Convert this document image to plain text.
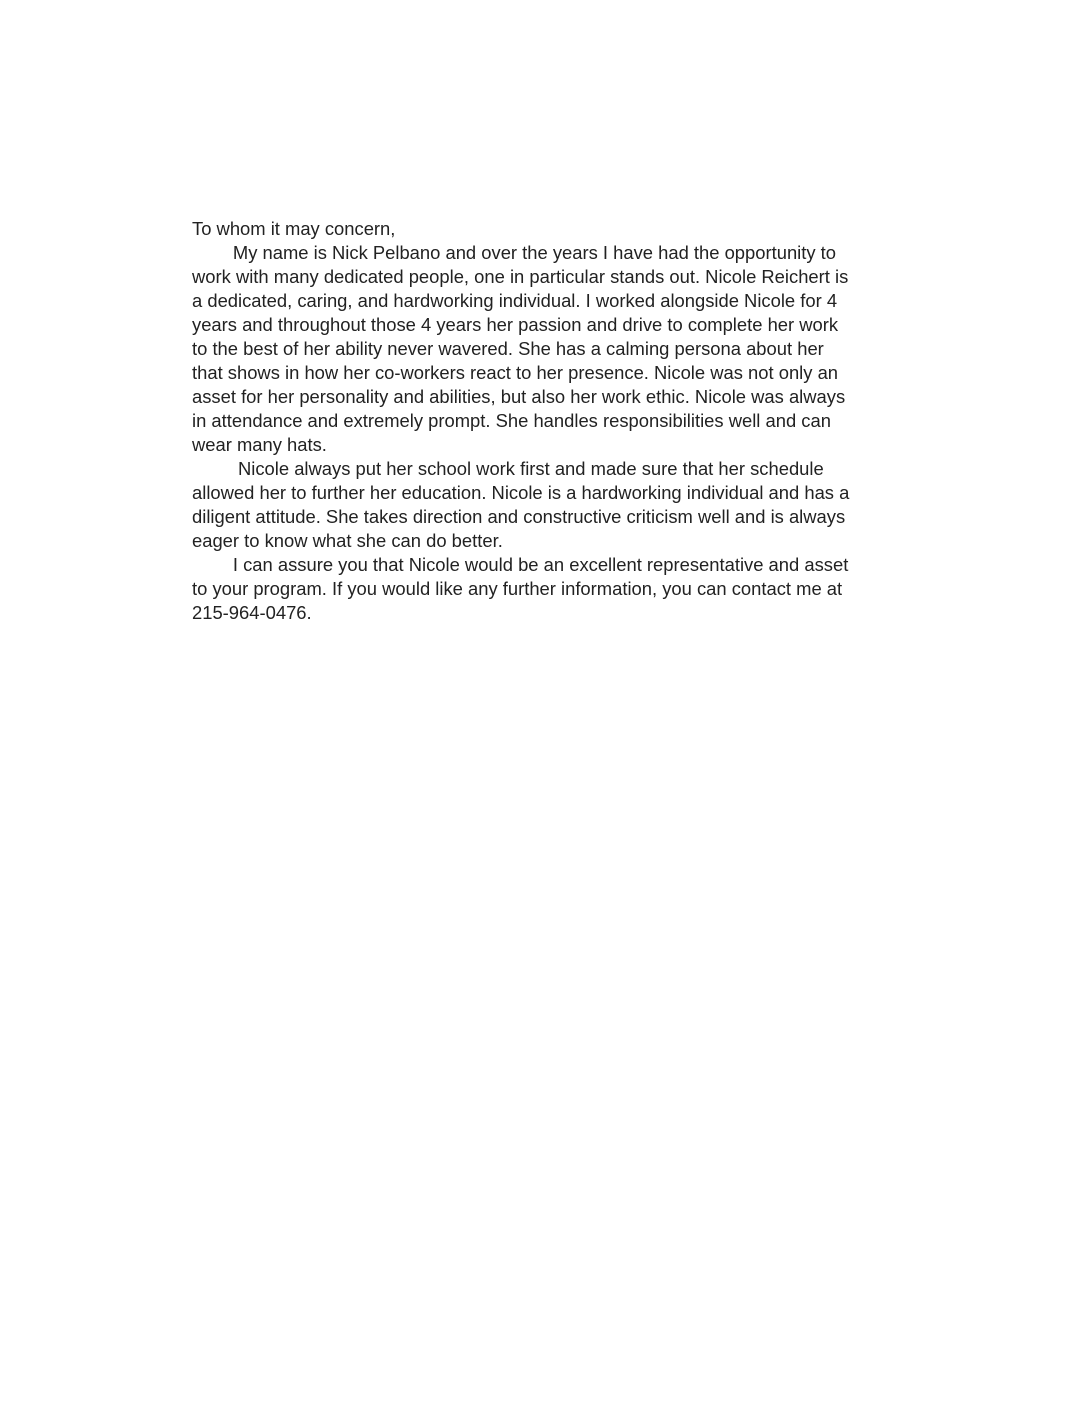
To whom it may concern,
My name is Nick Pelbano and over the years I have had the opportunity to
work with many dedicated people, one in particular stands out. Nicole Reichert is
a dedicated, caring, and hardworking individual. I worked alongside Nicole for 4
years and throughout those 4 years her passion and drive to complete her work
to the best of her ability never wavered. She has a calming persona about her
that shows in how her co-workers react to her presence. Nicole was not only an
asset for her personality and abilities, but also her work ethic. Nicole was always
in attendance and extremely prompt. She handles responsibilities well and can
wear many hats.
Nicole always put her school work first and made sure that her schedule
allowed her to further her education. Nicole is a hardworking individual and has a
diligent attitude. She takes direction and constructive criticism well and is always
eager to know what she can do better.
I can assure you that Nicole would be an excellent representative and asset
to your program. If you would like any further information, you can contact me at
215-964-0476.
